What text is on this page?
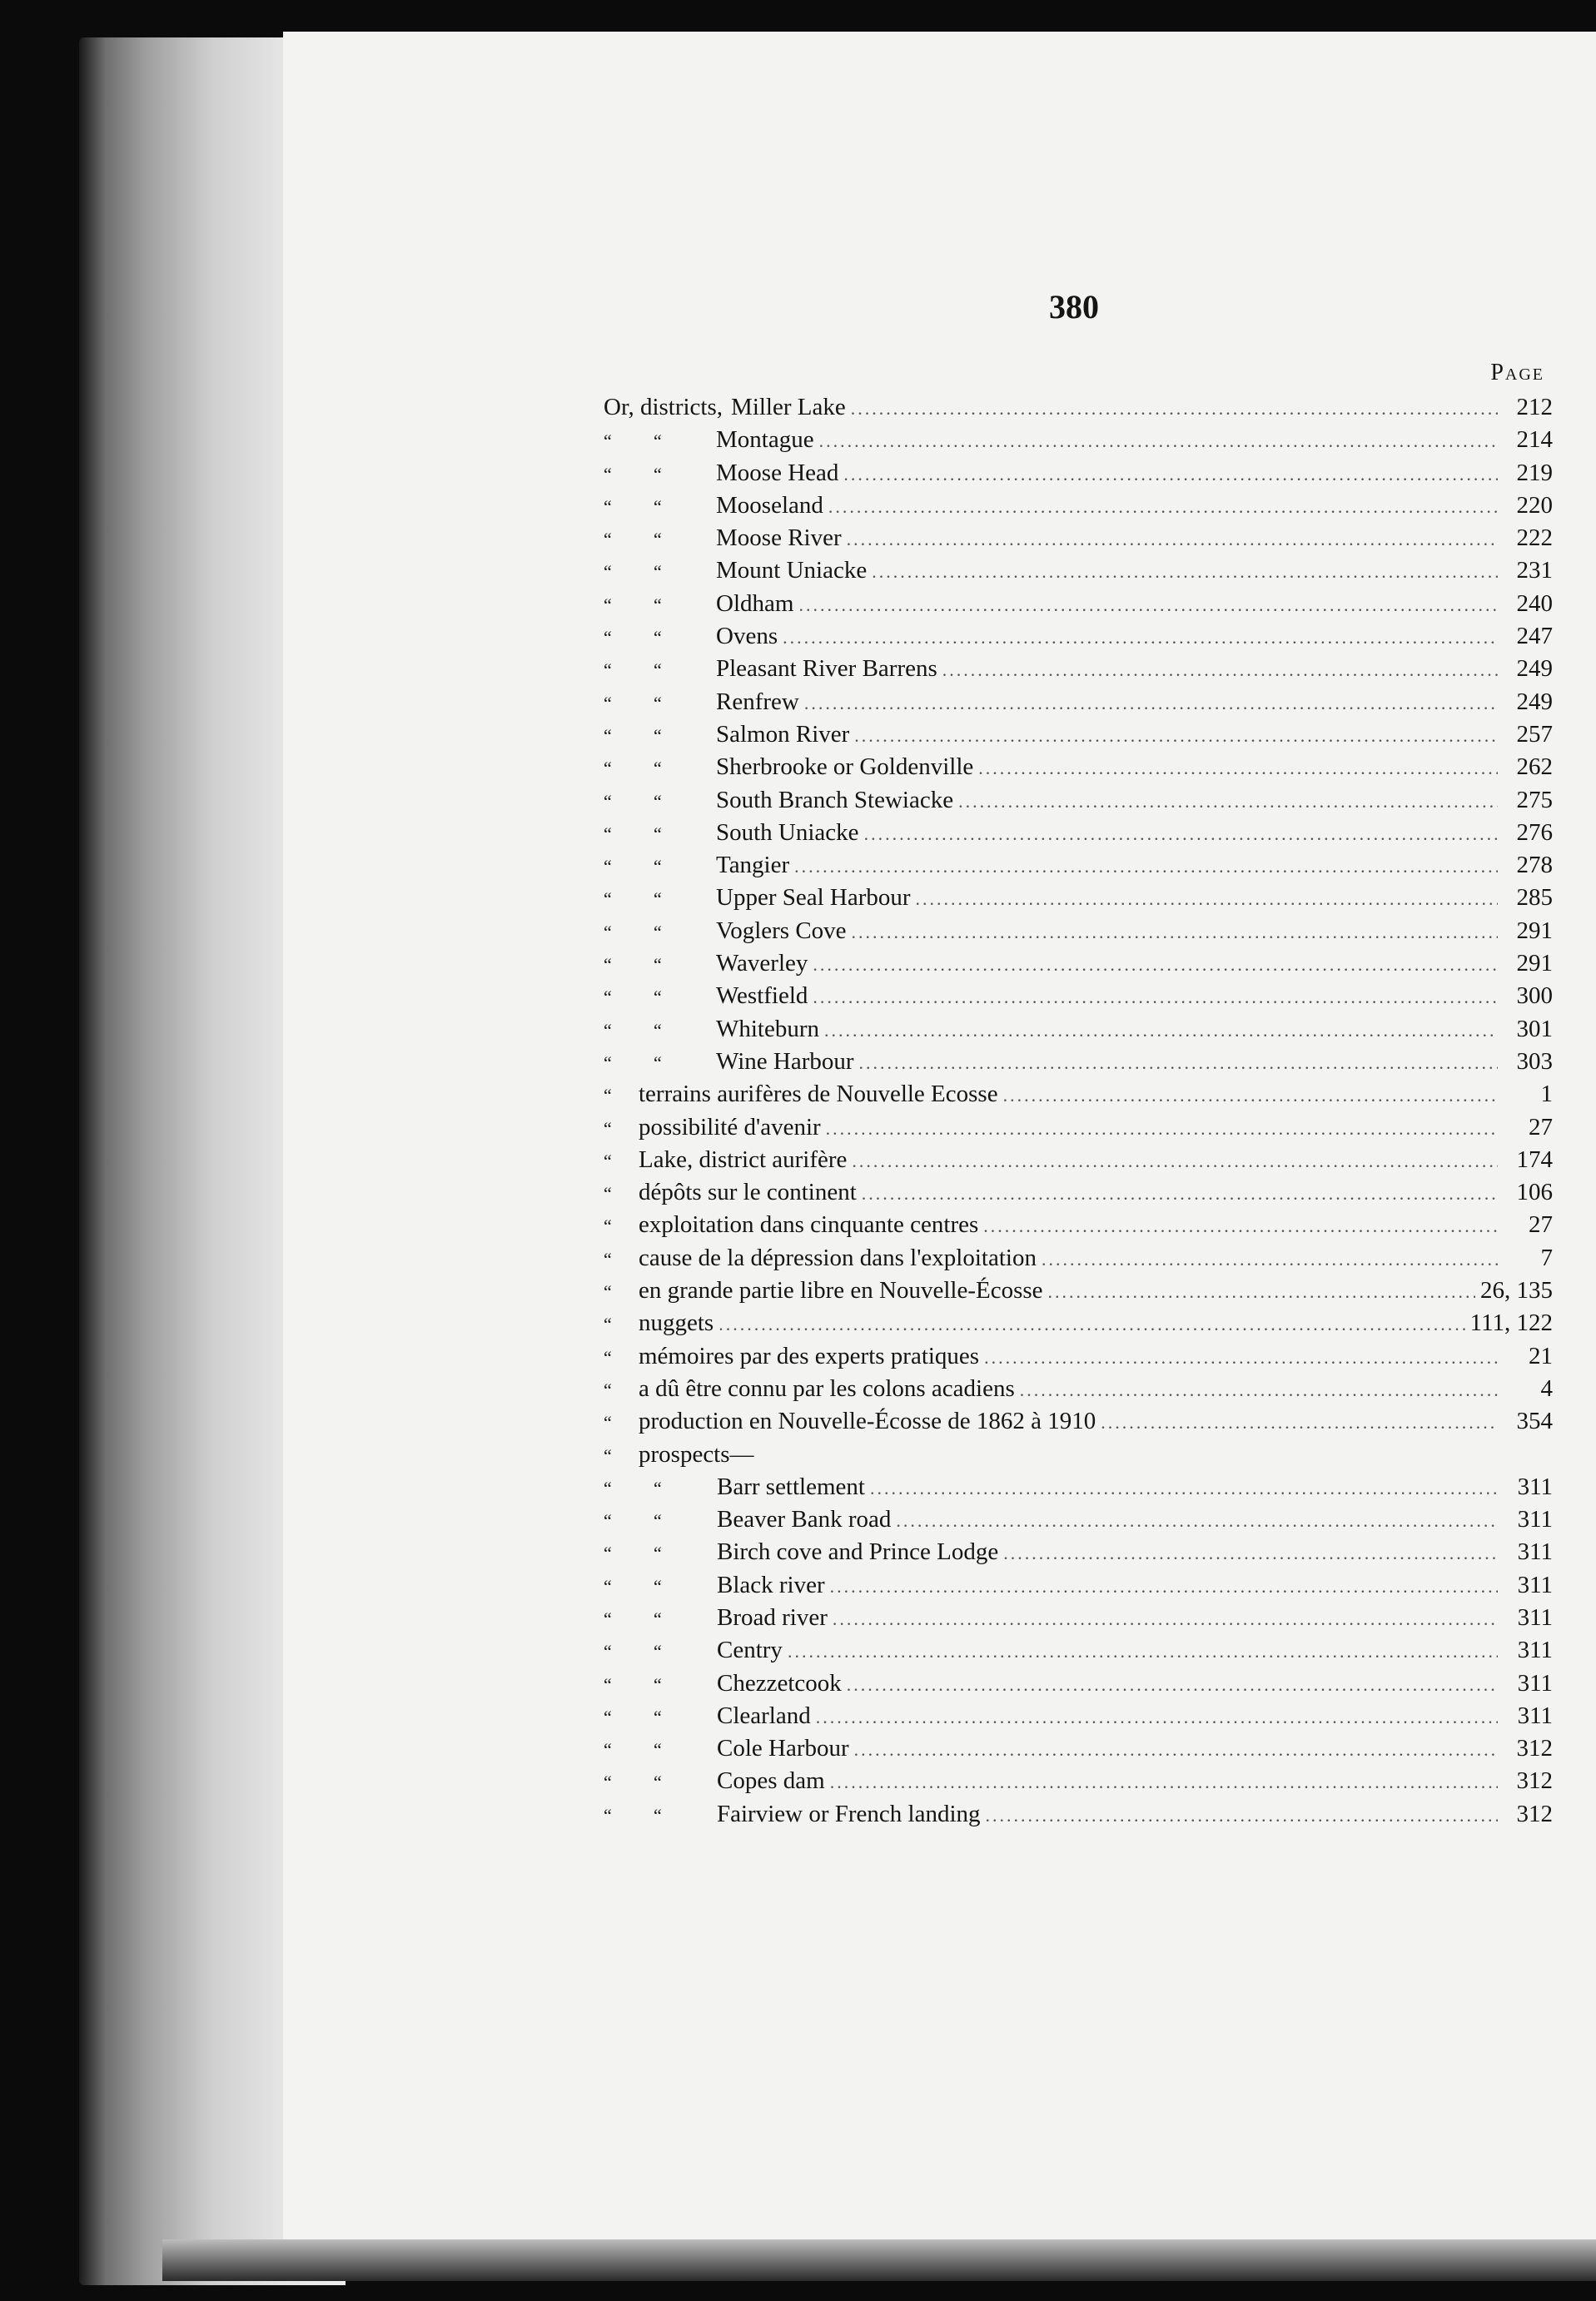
380

Page

Or, districts, Miller Lake .....	212
“	“	Montague .....	214
“	“	Moose Head .....	219
“	“	Mooseland .....	220
“	“	Moose River .....	222
“	“	Mount Uniacke .....	231
“	“	Oldham .....	240
“	“	Ovens .....	247
“	“	Pleasant River Barrens .....	249
“	“	Renfrew .....	249
“	“	Salmon River .....	257
“	“	Sherbrooke or Goldenville .....	262
“	“	South Branch Stewiacke .....	275
“	“	South Uniacke .....	276
“	“	Tangier .....	278
“	“	Upper Seal Harbour .....	285
“	“	Voglers Cove .....	291
“	“	Waverley .....	291
“	“	Westfield .....	300
“	“	Whiteburn .....	301
“	“	Wine Harbour .....	303
“	terrains aurifères de Nouvelle Ecosse .....	1
“	possibilité d'avenir .....	27
“	Lake, district aurifère .....	174
“	dépôts sur le continent .....	106
“	exploitation dans cinquante centres .....	27
“	cause de la dépression dans l'exploitation .....	7
“	en grande partie libre en Nouvelle-Écosse .....	26, 135
“	nuggets .....	111, 122
“	mémoires par des experts pratiques .....	21
“	a dû être connu par les colons acadiens .....	4
“	production en Nouvelle-Écosse de 1862 à 1910 .....	354
“	prospects—
“	“	Barr settlement .....	311
“	“	Beaver Bank road .....	311
“	“	Birch cove and Prince Lodge .....	311
“	“	Black river .....	311
“	“	Broad river .....	311
“	“	Centry .....	311
“	“	Chezzetcook .....	311
“	“	Clearland .....	311
“	“	Cole Harbour .....	312
“	“	Copes dam .....	312
“	“	Fairview or French landing .....	312
